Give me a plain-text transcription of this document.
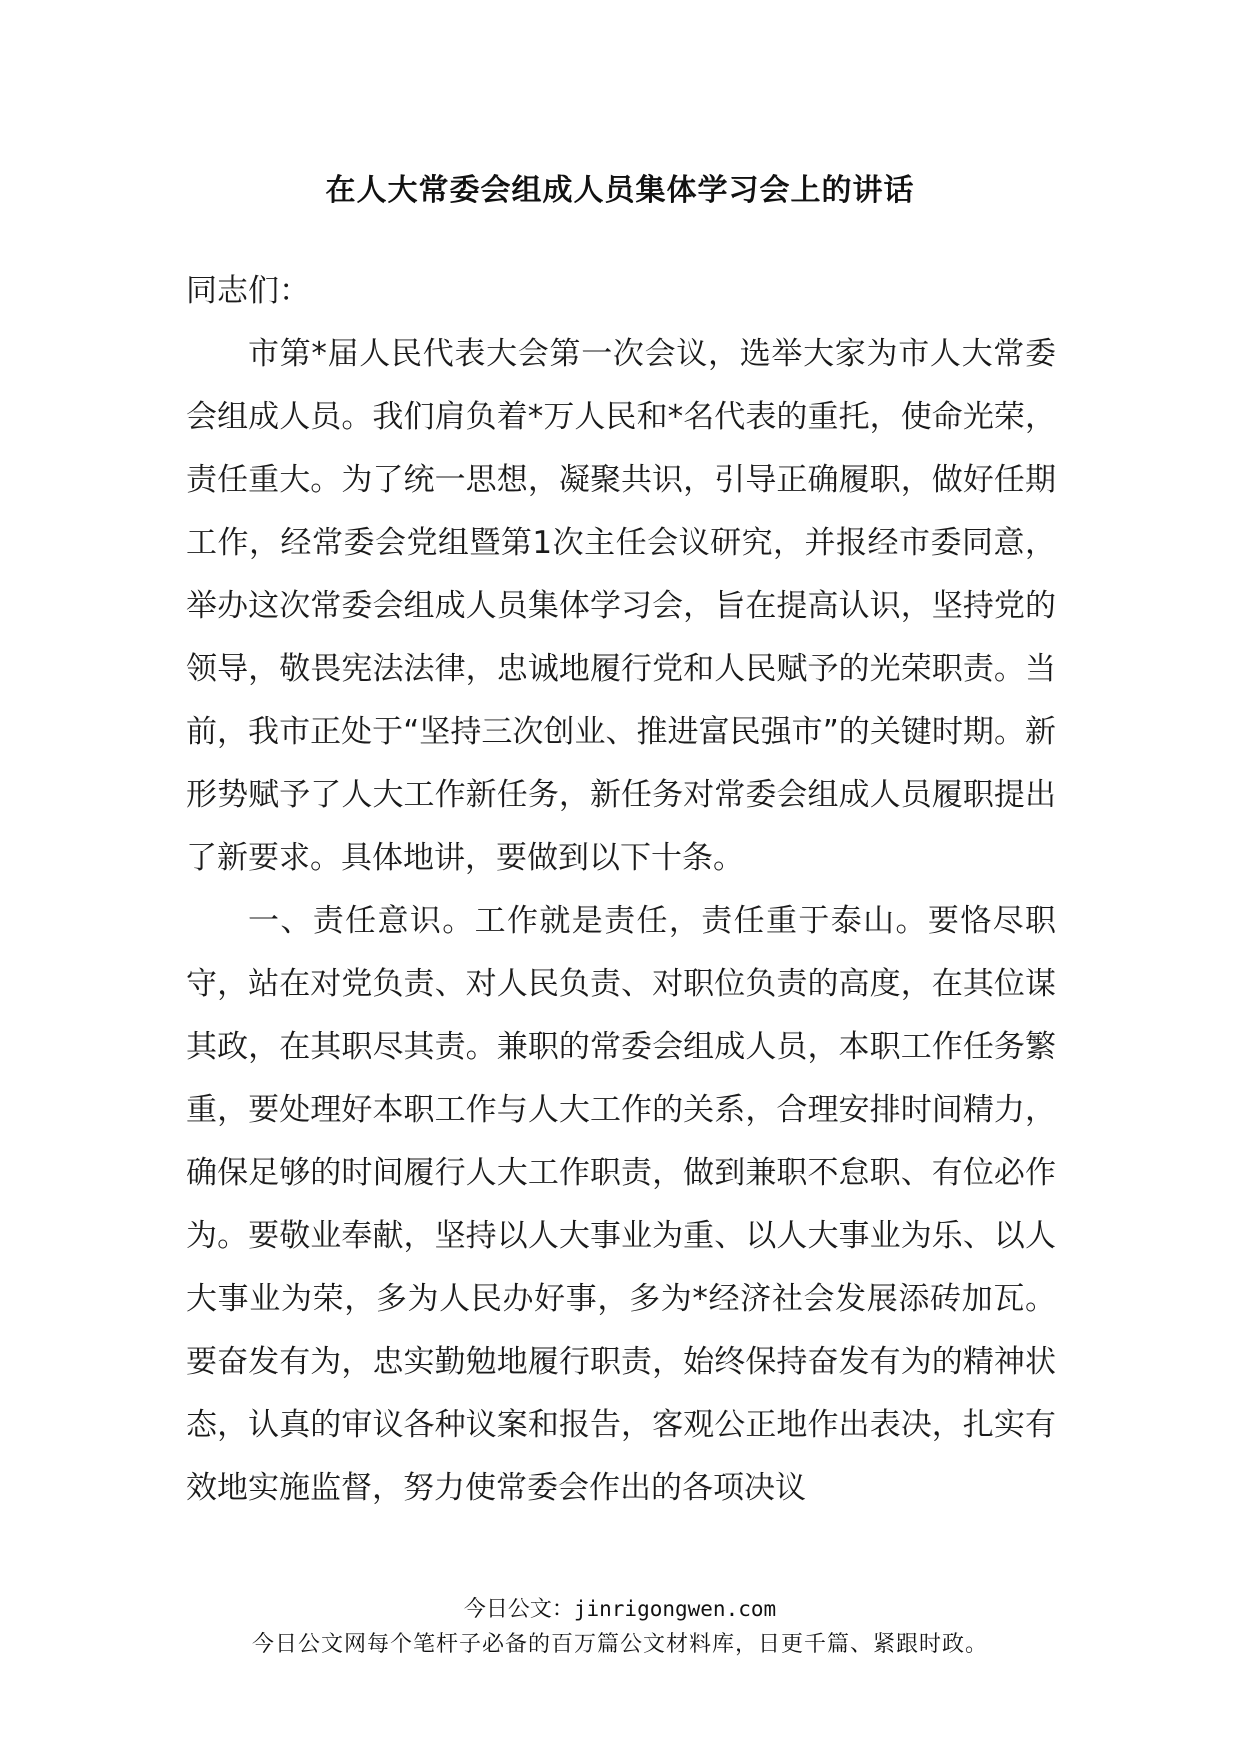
在人大常委会组成人员集体学习会上的讲话

同志们：

市第*届人民代表大会第一次会议，选举大家为市人大常委会组成人员。我们肩负着*万人民和*名代表的重托，使命光荣，责任重大。为了统一思想，凝聚共识，引导正确履职，做好任期工作，经常委会党组暨第1次主任会议研究，并报经市委同意，举办这次常委会组成人员集体学习会，旨在提高认识，坚持党的领导，敬畏宪法法律，忠诚地履行党和人民赋予的光荣职责。当前，我市正处于“坚持三次创业、推进富民强市”的关键时期。新形势赋予了人大工作新任务，新任务对常委会组成人员履职提出了新要求。具体地讲，要做到以下十条。

一、责任意识。工作就是责任，责任重于泰山。要恪尽职守，站在对党负责、对人民负责、对职位负责的高度，在其位谋其政，在其职尽其责。兼职的常委会组成人员，本职工作任务繁重，要处理好本职工作与人大工作的关系，合理安排时间精力，确保足够的时间履行人大工作职责，做到兼职不怠职、有位必作为。要敬业奉献，坚持以人大事业为重、以人大事业为乐、以人大事业为荣，多为人民办好事，多为*经济社会发展添砖加瓦。要奋发有为，忠实勤勉地履行职责，始终保持奋发有为的精神状态，认真的审议各种议案和报告，客观公正地作出表决，扎实有效地实施监督，努力使常委会作出的各项决议

今日公文：jinrigongwen.com
今日公文网每个笔杆子必备的百万篇公文材料库，日更千篇、紧跟时政。
